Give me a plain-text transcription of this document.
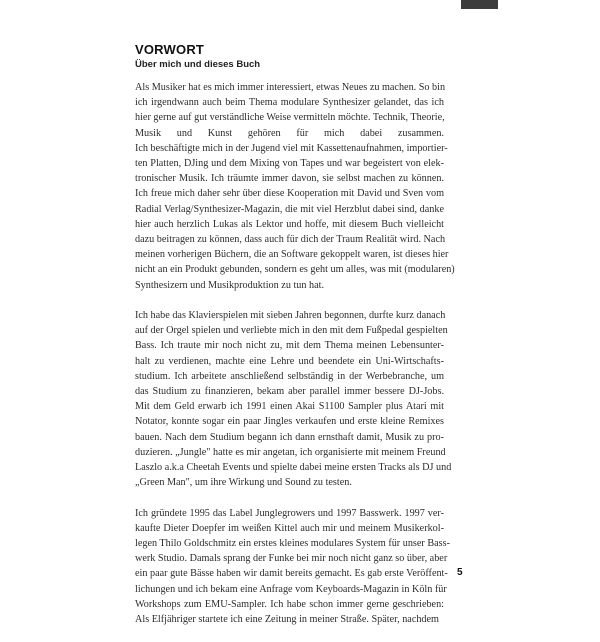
VORWORT
Über mich und dieses Buch

Als Musiker hat es mich immer interessiert, etwas Neues zu machen. So bin
ich irgendwann auch beim Thema modulare Synthesizer gelandet, das ich
hier gerne auf gut verständliche Weise vermitteln möchte. Technik, Theorie,
Musik und Kunst gehören für mich dabei zusammen.
Ich beschäftigte mich in der Jugend viel mit Kassettenaufnahmen, importier-
ten Platten, DJing und dem Mixing von Tapes und war begeistert von elek-
tronischer Musik. Ich träumte immer davon, sie selbst machen zu können.
Ich freue mich daher sehr über diese Kooperation mit David und Sven vom
Radial Verlag/Synthesizer-Magazin, die mit viel Herzblut dabei sind, danke
hier auch herzlich Lukas als Lektor und hoffe, mit diesem Buch vielleicht
dazu beitragen zu können, dass auch für dich der Traum Realität wird. Nach
meinen vorherigen Büchern, die an Software gekoppelt waren, ist dieses hier
nicht an ein Produkt gebunden, sondern es geht um alles, was mit (modularen)
Synthesizern und Musikproduktion zu tun hat.

Ich habe das Klavierspielen mit sieben Jahren begonnen, durfte kurz danach
auf der Orgel spielen und verliebte mich in den mit dem Fußpedal gespielten
Bass. Ich traute mir noch nicht zu, mit dem Thema meinen Lebensunter-
halt zu verdienen, machte eine Lehre und beendete ein Uni-Wirtschafts-
studium. Ich arbeitete anschließend selbständig in der Werbebranche, um
das Studium zu finanzieren, bekam aber parallel immer bessere DJ-Jobs.
Mit dem Geld erwarb ich 1991 einen Akai S1100 Sampler plus Atari mit
Notator, konnte sogar ein paar Jingles verkaufen und erste kleine Remixes
bauen. Nach dem Studium begann ich dann ernsthaft damit, Musik zu pro-
duzieren. „Jungle" hatte es mir angetan, ich organisierte mit meinem Freund
Laszlo a.k.a Cheetah Events und spielte dabei meine ersten Tracks als DJ und
„Green Man", um ihre Wirkung und Sound zu testen.

Ich gründete 1995 das Label Junglegrowers und 1997 Basswerk. 1997 ver-
kaufte Dieter Doepfer im weißen Kittel auch mir und meinem Musikerkol-
legen Thilo Goldschmitz ein erstes kleines modulares System für unser Bass-
werk Studio. Damals sprang der Funke bei mir noch nicht ganz so über, aber
ein paar gute Bässe haben wir damit bereits gemacht. Es gab erste Veröffent-
lichungen und ich bekam eine Anfrage vom Keyboards-Magazin in Köln für
Workshops zum EMU-Sampler. Ich habe schon immer gerne geschrieben:
Als Elfjähriger startete ich eine Zeitung in meiner Straße. Später, nachdem

5
